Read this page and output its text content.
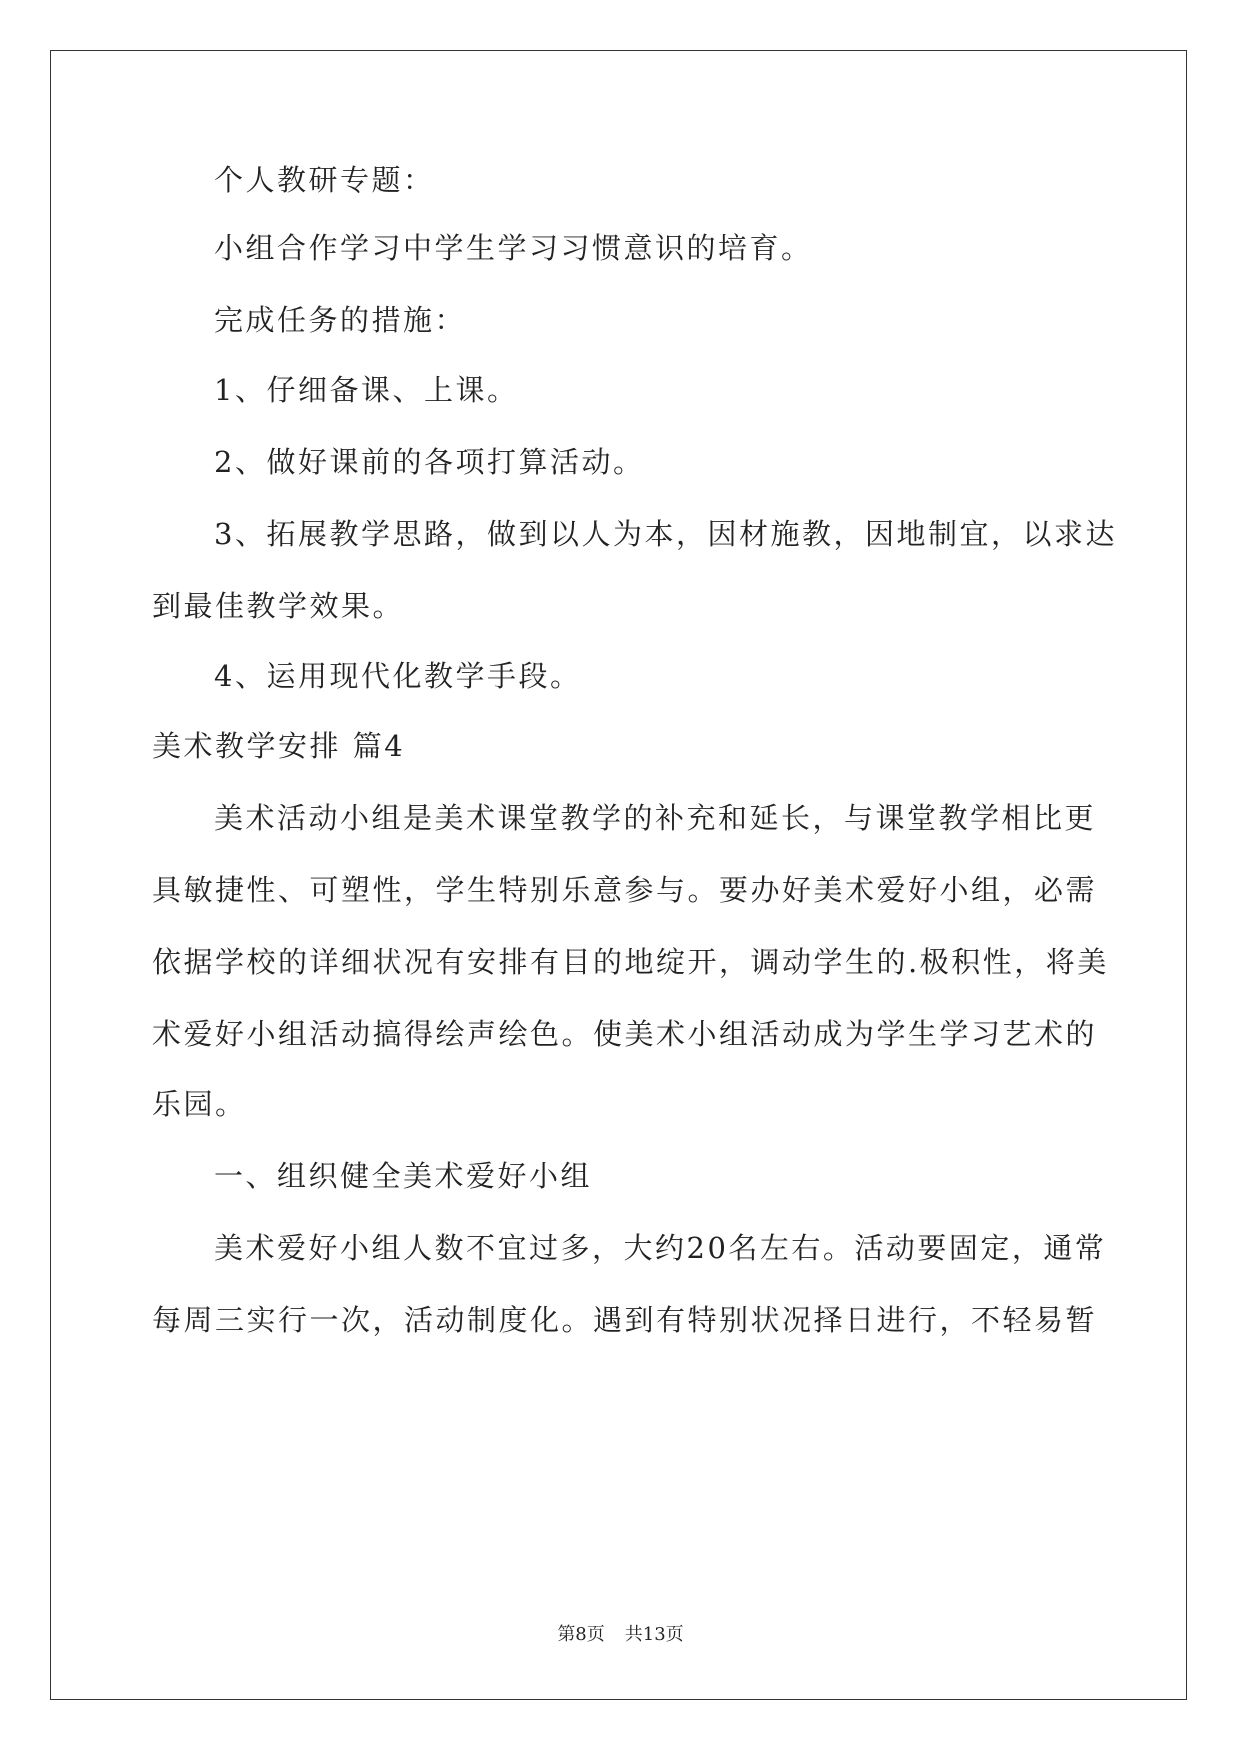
个人教研专题：
小组合作学习中学生学习习惯意识的培育。
完成任务的措施：
1、仔细备课、上课。
2、做好课前的各项打算活动。
3、拓展教学思路，做到以人为本，因材施教，因地制宜，以求达
到最佳教学效果。
4、运用现代化教学手段。
美术教学安排 篇4
美术活动小组是美术课堂教学的补充和延长，与课堂教学相比更
具敏捷性、可塑性，学生特别乐意参与。要办好美术爱好小组，必需
依据学校的详细状况有安排有目的地绽开，调动学生的.极积性，将美
术爱好小组活动搞得绘声绘色。使美术小组活动成为学生学习艺术的
乐园。
一、组织健全美术爱好小组
美术爱好小组人数不宜过多，大约20名左右。活动要固定，通常
每周三实行一次，活动制度化。遇到有特别状况择日进行，不轻易暂
第8页 共13页
